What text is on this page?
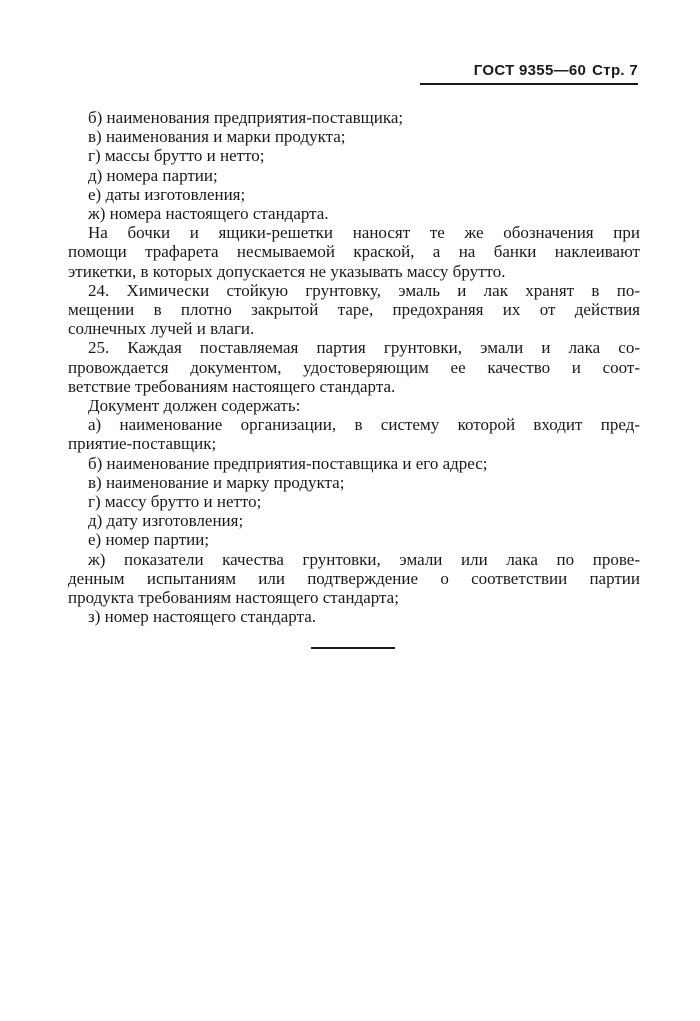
ГОСТ 9355—60 Стр. 7
б) наименования предприятия-поставщика;
в) наименования и марки продукта;
г) массы брутто и нетто;
д) номера партии;
е) даты изготовления;
ж) номера настоящего стандарта.
На бочки и ящики-решетки наносят те же обозначения при
помощи трафарета несмываемой краской, а на банки наклеивают
этикетки, в которых допускается не указывать массу брутто.
24. Химически стойкую грунтовку, эмаль и лак хранят в по-
мещении в плотно закрытой таре, предохраняя их от действия
солнечных лучей и влаги.
25. Каждая поставляемая партия грунтовки, эмали и лака со-
провождается документом, удостоверяющим ее качество и соот-
ветствие требованиям настоящего стандарта.
Документ должен содержать:
а) наименование организации, в систему которой входит пред-
приятие-поставщик;
б) наименование предприятия-поставщика и его адрес;
в) наименование и марку продукта;
г) массу брутто и нетто;
д) дату изготовления;
е) номер партии;
ж) показатели качества грунтовки, эмали или лака по прове-
денным испытаниям или подтверждение о соответствии партии
продукта требованиям настоящего стандарта;
з) номер настоящего стандарта.
